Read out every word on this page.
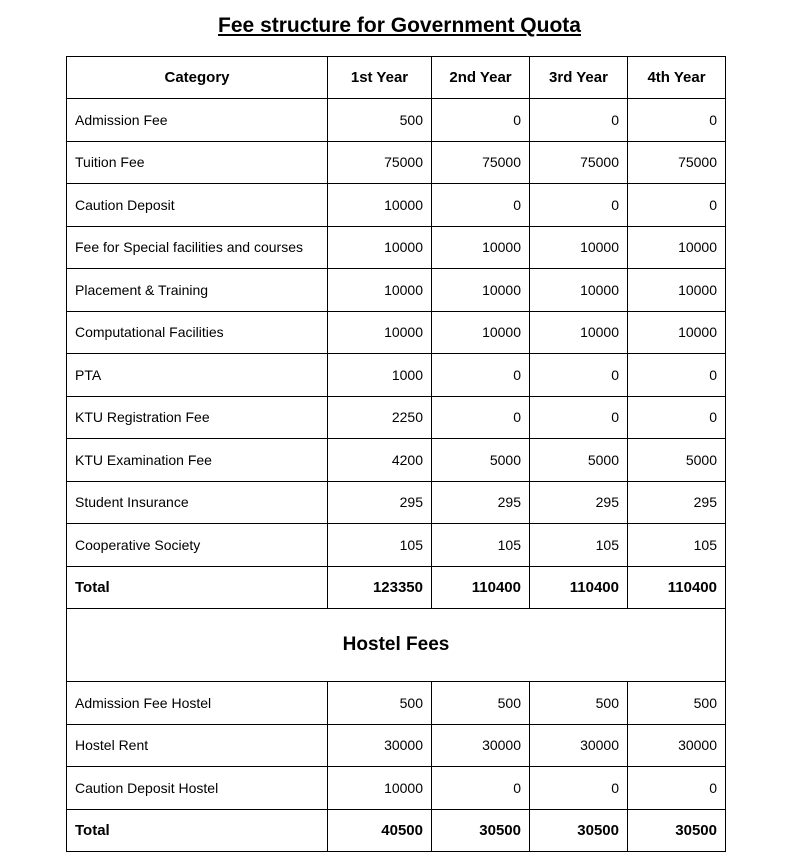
Fee structure for Government Quota
Category	1st Year	2nd Year	3rd Year	4th Year
Admission Fee	500	0	0	0
Tuition Fee	75000	75000	75000	75000
Caution Deposit	10000	0	0	0
Fee for Special facilities and courses	10000	10000	10000	10000
Placement & Training	10000	10000	10000	10000
Computational Facilities	10000	10000	10000	10000
PTA	1000	0	0	0
KTU Registration Fee	2250	0	0	0
KTU Examination Fee	4200	5000	5000	5000
Student Insurance	295	295	295	295
Cooperative Society	105	105	105	105
Total	123350	110400	110400	110400
Hostel Fees				
Admission Fee Hostel	500	500	500	500
Hostel Rent	30000	30000	30000	30000
Caution Deposit Hostel	10000	0	0	0
Total	40500	30500	30500	30500
